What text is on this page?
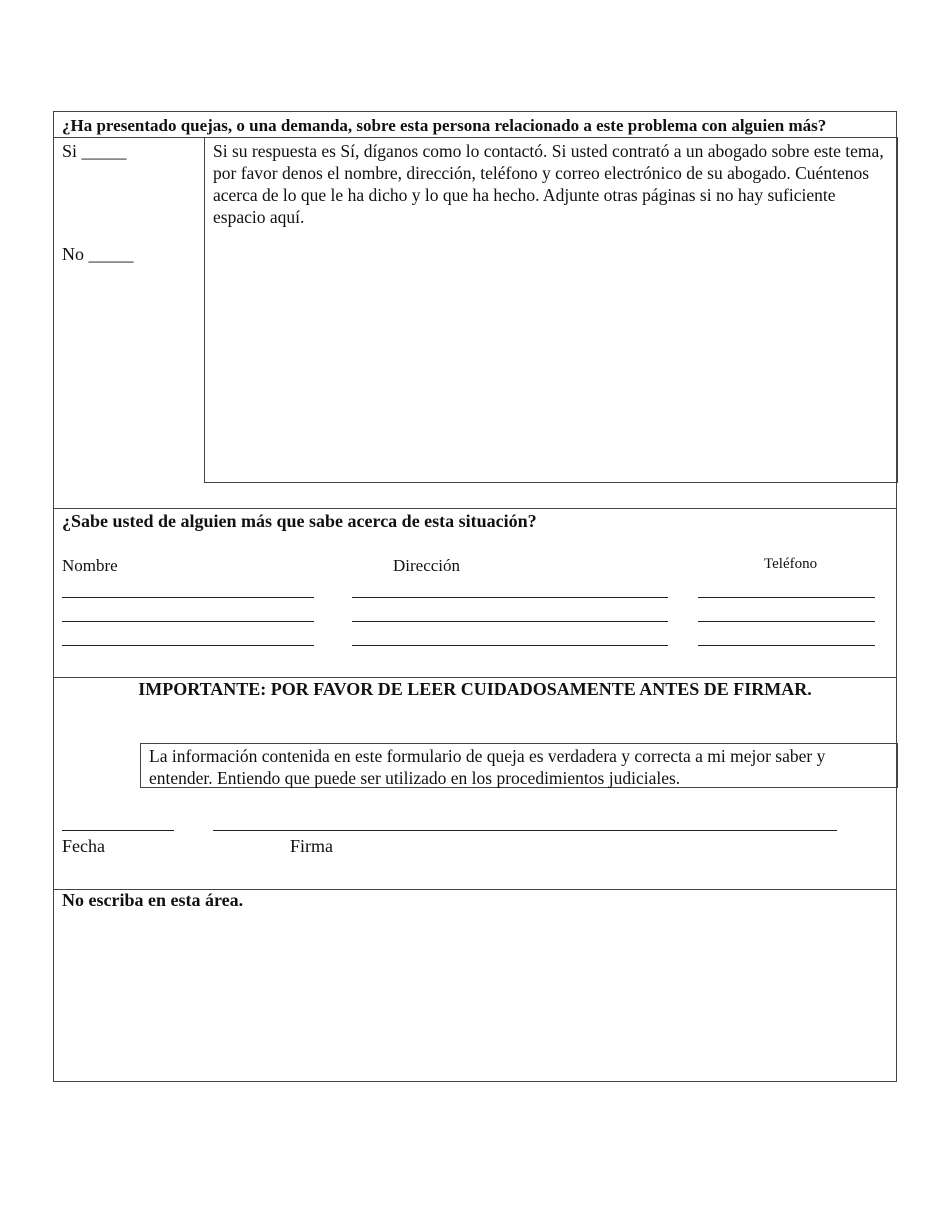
¿Ha presentado quejas, o una demanda, sobre esta persona relacionado a este problema con alguien más?
Si _____
No _____
Si su respuesta es Sí, díganos como lo contactó. Si usted contrató a un abogado sobre este tema, por favor denos el nombre, dirección, teléfono y correo electrónico de su abogado. Cuéntenos acerca de lo que le ha dicho y lo que ha hecho. Adjunte otras páginas si no hay suficiente espacio aquí.
¿Sabe usted de alguien más que sabe acerca de esta situación?
Nombre	Dirección	Teléfono
IMPORTANTE: POR FAVOR DE LEER CUIDADOSAMENTE ANTES DE FIRMAR.
La información contenida en este formulario de queja es verdadera y correcta a mi mejor saber y entender. Entiendo que puede ser utilizado en los procedimientos judiciales.
Fecha	Firma
No escriba en esta área.
